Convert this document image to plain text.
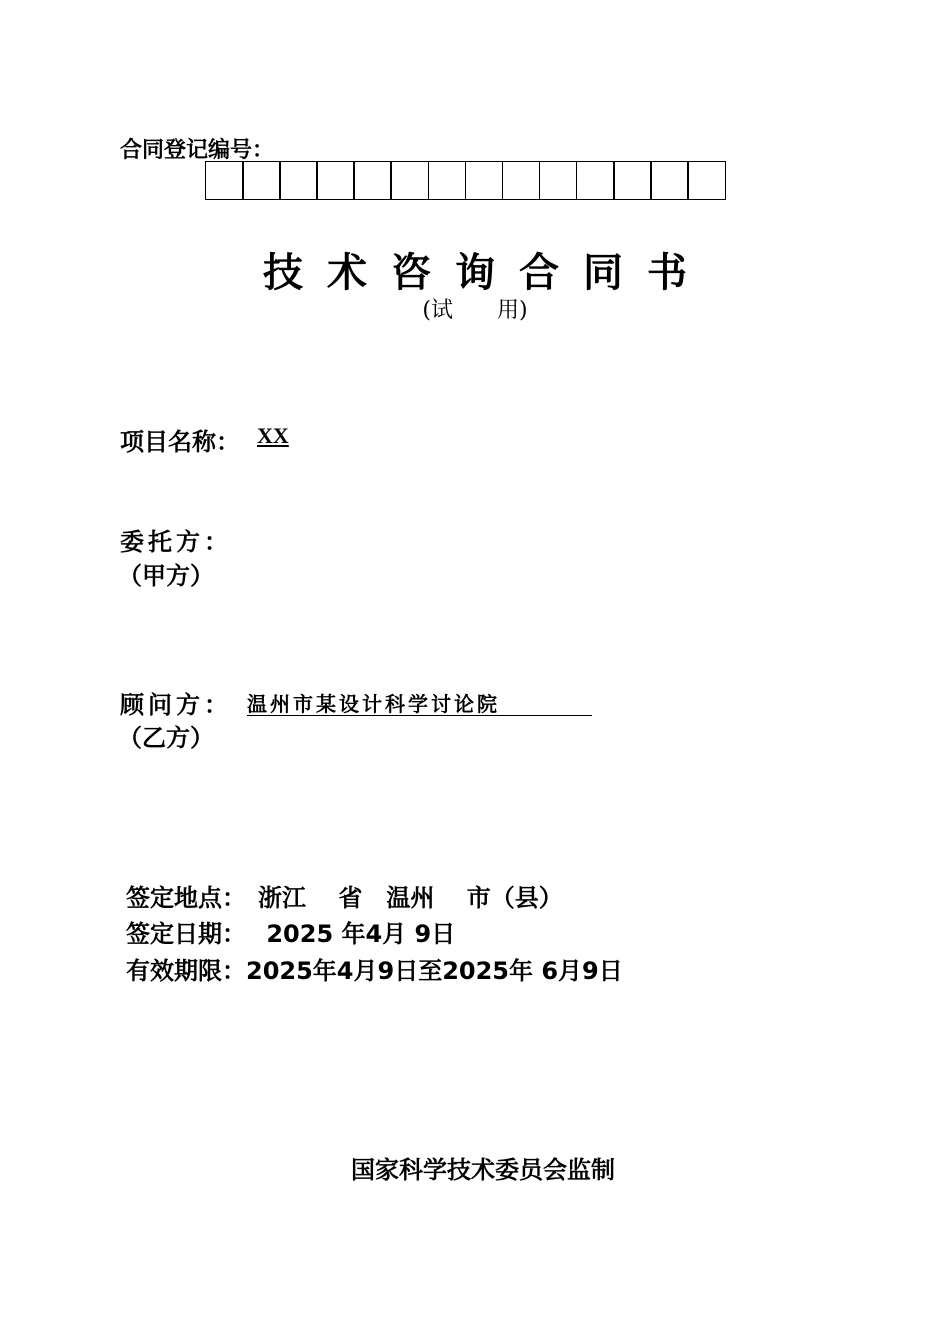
合同登记编号：
技术咨询合同书
(试　　用)
项目名称： XX
委托方：
（甲方）
顾问方： 温州市某设计科学讨论院
（乙方）
签定地点：　浙江　 省　温州　 市（县）
签定日期：　 2025 年4月 9日
有效期限：2025年4月9日至2025年 6月9日
国家科学技术委员会监制
